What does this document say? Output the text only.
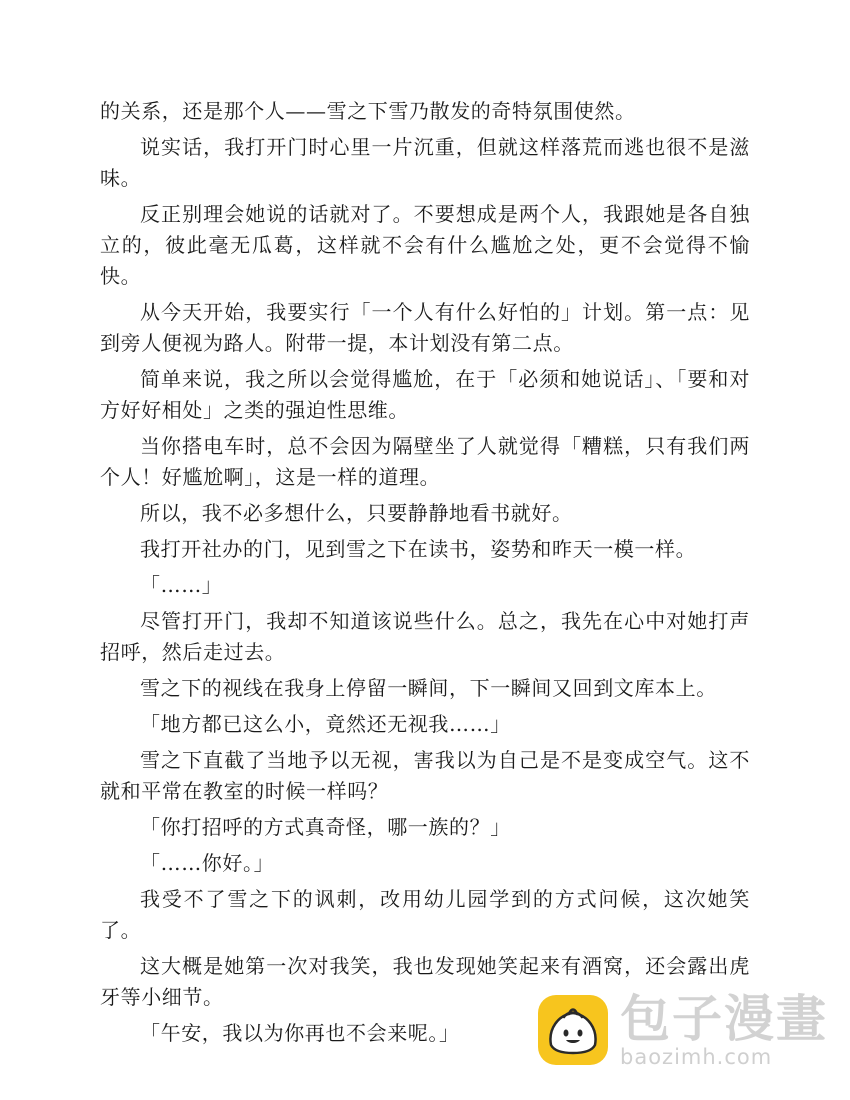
的关系，还是那个人——雪之下雪乃散发的奇特氛围使然。

说实话，我打开门时心里一片沉重，但就这样落荒而逃也很不是滋味。

反正别理会她说的话就对了。不要想成是两个人，我跟她是各自独立的，彼此毫无瓜葛，这样就不会有什么尴尬之处，更不会觉得不愉快。

从今天开始，我要实行「一个人有什么好怕的」计划。第一点：见到旁人便视为路人。附带一提，本计划没有第二点。

简单来说，我之所以会觉得尴尬，在于「必须和她说话」、「要和对方好好相处」之类的强迫性思维。

当你搭电车时，总不会因为隔壁坐了人就觉得「糟糕，只有我们两个人！好尴尬啊」，这是一样的道理。

所以，我不必多想什么，只要静静地看书就好。

我打开社办的门，见到雪之下在读书，姿势和昨天一模一样。

「……」

尽管打开门，我却不知道该说些什么。总之，我先在心中对她打声招呼，然后走过去。

雪之下的视线在我身上停留一瞬间，下一瞬间又回到文库本上。

「地方都已这么小，竟然还无视我……」

雪之下直截了当地予以无视，害我以为自己是不是变成空气。这不就和平常在教室的时候一样吗？

「你打招呼的方式真奇怪，哪一族的？」

「……你好。」

我受不了雪之下的讽刺，改用幼儿园学到的方式问候，这次她笑了。

这大概是她第一次对我笑，我也发现她笑起来有酒窝，还会露出虎牙等小细节。

「午安，我以为你再也不会来呢。」	包子漫畫
baozimh.com
